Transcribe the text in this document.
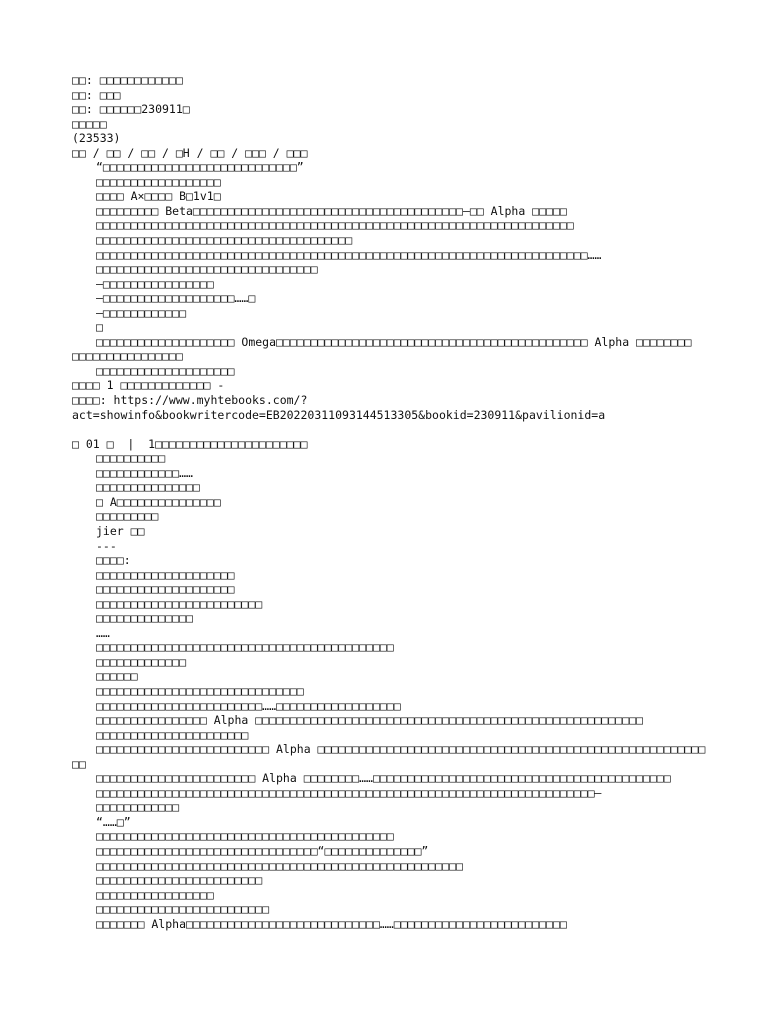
□□: □□□□□□□□□□□□
□□: □□□
□□: □□□□□□230911□
□□□□□
(23533)
□□ / □□ / □□ / □H / □□ / □□□ / □□□
“□□□□□□□□□□□□□□□□□□□□□□□□□□□□”
□□□□□□□□□□□□□□□□□□
□□□□ A×□□□□ B□1v1□
□□□□□□□□□ Beta□□□□□□□□□□□□□□□□□□□□□□□□□□□□□□□□□□□□□□□—□□ Alpha □□□□□
□□□□□□□□□□□□□□□□□□□□□□□□□□□□□□□□□□□□□□□□□□□□□□□□□□□□□□□□□□□□□□□□□□□□□
□□□□□□□□□□□□□□□□□□□□□□□□□□□□□□□□□□□□□
□□□□□□□□□□□□□□□□□□□□□□□□□□□□□□□□□□□□□□□□□□□□□□□□□□□□□□□□□□□□□□□□□□□□□□□……
□□□□□□□□□□□□□□□□□□□□□□□□□□□□□□□□
—□□□□□□□□□□□□□□□□
—□□□□□□□□□□□□□□□□□□□……□
—□□□□□□□□□□□□
□
□□□□□□□□□□□□□□□□□□□□ Omega□□□□□□□□□□□□□□□□□□□□□□□□□□□□□□□□□□□□□□□□□□□□□ Alpha □□□□□□□□
□□□□□□□□□□□□□□□□
□□□□□□□□□□□□□□□□□□□□
□□□□ 1 □□□□□□□□□□□□□ -
□□□□: https://www.myhtebooks.com/?
act=showinfo&bookwritercode=EB20220311093144513305&bookid=230911&pavilionid=a
□ 01 □  |  1□□□□□□□□□□□□□□□□□□□□□□
□□□□□□□□□□
□□□□□□□□□□□□……
□□□□□□□□□□□□□□□
□ A□□□□□□□□□□□□□□□
□□□□□□□□□
jier □□
---
□□□□:
□□□□□□□□□□□□□□□□□□□□
□□□□□□□□□□□□□□□□□□□□
□□□□□□□□□□□□□□□□□□□□□□□□
□□□□□□□□□□□□□□
……
□□□□□□□□□□□□□□□□□□□□□□□□□□□□□□□□□□□□□□□□□□□
□□□□□□□□□□□□□
□□□□□□
□□□□□□□□□□□□□□□□□□□□□□□□□□□□□□
□□□□□□□□□□□□□□□□□□□□□□□□……□□□□□□□□□□□□□□□□□□
□□□□□□□□□□□□□□□□ Alpha □□□□□□□□□□□□□□□□□□□□□□□□□□□□□□□□□□□□□□□□□□□□□□□□□□□□□□□□
□□□□□□□□□□□□□□□□□□□□□□
□□□□□□□□□□□□□□□□□□□□□□□□□ Alpha □□□□□□□□□□□□□□□□□□□□□□□□□□□□□□□□□□□□□□□□□□□□□□□□□□□□□□□□
□□
□□□□□□□□□□□□□□□□□□□□□□□ Alpha □□□□□□□□……□□□□□□□□□□□□□□□□□□□□□□□□□□□□□□□□□□□□□□□□□□□
□□□□□□□□□□□□□□□□□□□□□□□□□□□□□□□□□□□□□□□□□□□□□□□□□□□□□□□□□□□□□□□□□□□□□□□□—
□□□□□□□□□□□□
“……□”
□□□□□□□□□□□□□□□□□□□□□□□□□□□□□□□□□□□□□□□□□□□
□□□□□□□□□□□□□□□□□□□□□□□□□□□□□□□□“□□□□□□□□□□□□□□”
□□□□□□□□□□□□□□□□□□□□□□□□□□□□□□□□□□□□□□□□□□□□□□□□□□□□□
□□□□□□□□□□□□□□□□□□□□□□□□
□□□□□□□□□□□□□□□□□
□□□□□□□□□□□□□□□□□□□□□□□□□
□□□□□□□ Alpha□□□□□□□□□□□□□□□□□□□□□□□□□□□□……□□□□□□□□□□□□□□□□□□□□□□□□□
